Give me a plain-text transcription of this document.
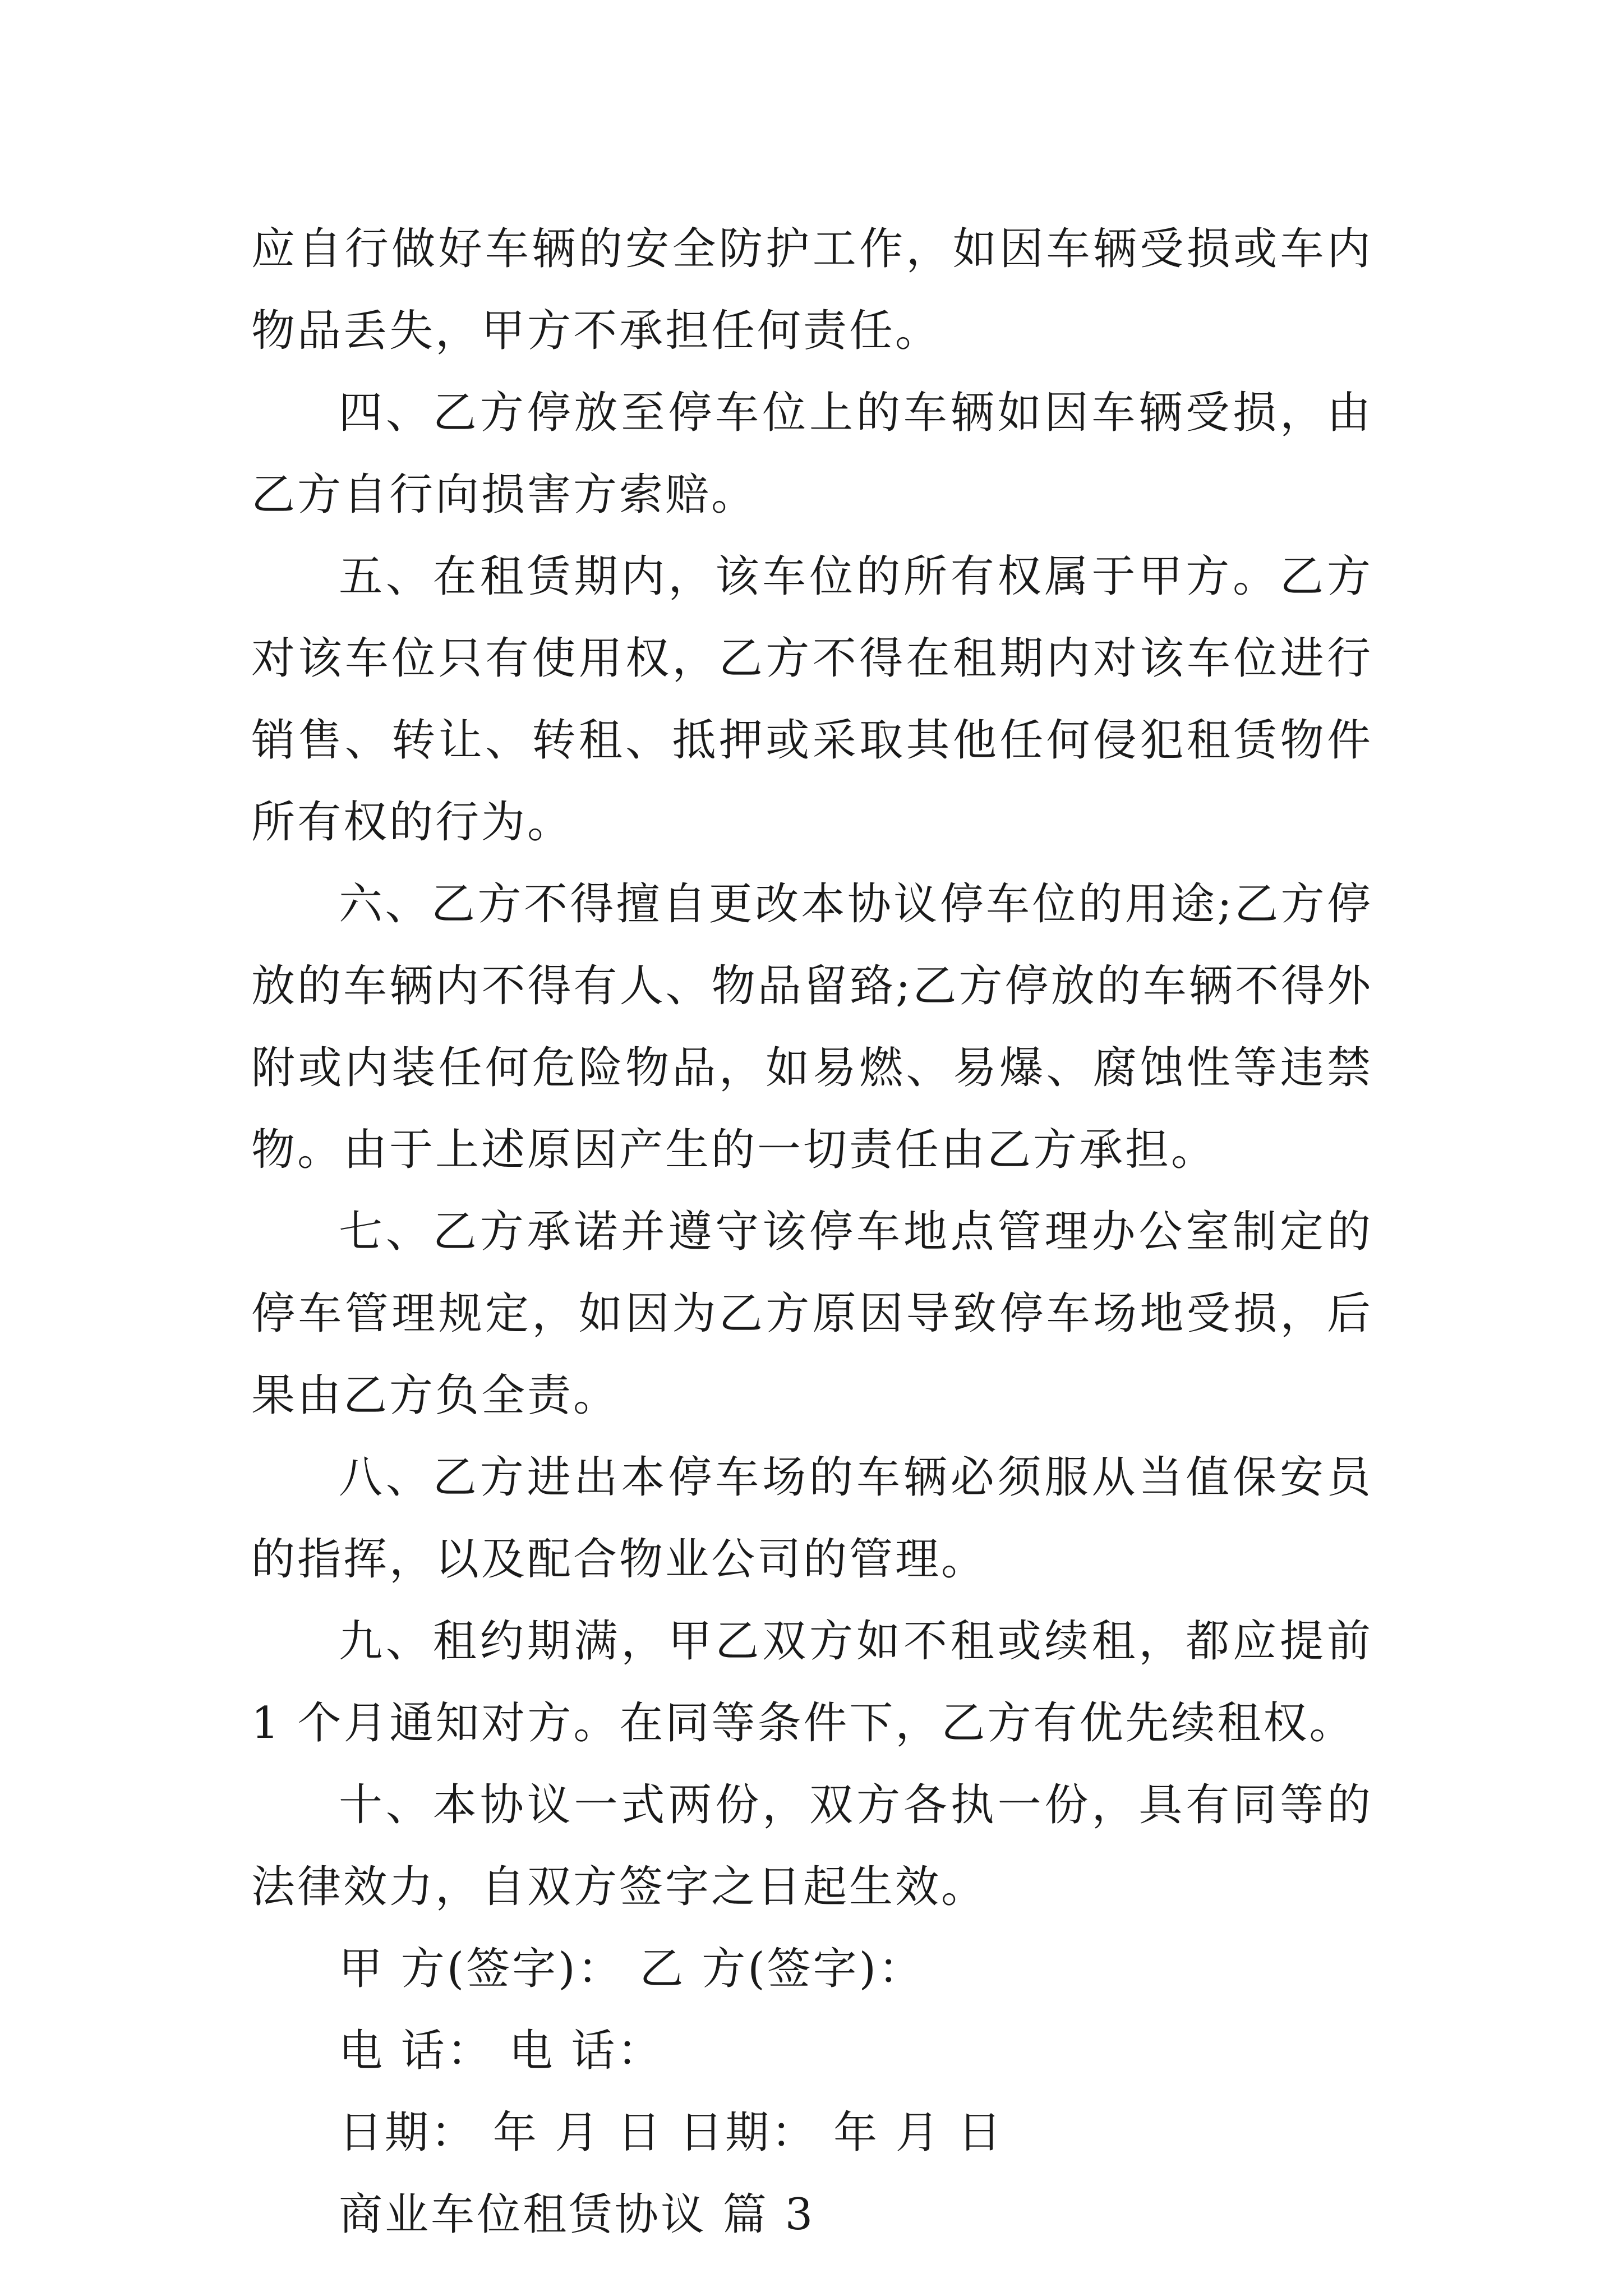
应自行做好车辆的安全防护工作，如因车辆受损或车内物品丢失，甲方不承担任何责任。

四、乙方停放至停车位上的车辆如因车辆受损，由乙方自行向损害方索赔。

五、在租赁期内，该车位的所有权属于甲方。乙方对该车位只有使用权，乙方不得在租期内对该车位进行销售、转让、转租、抵押或采取其他任何侵犯租赁物件所有权的行为。

六、乙方不得擅自更改本协议停车位的用途;乙方停放的车辆内不得有人、物品留臵;乙方停放的车辆不得外附或内装任何危险物品，如易燃、易爆、腐蚀性等违禁物。由于上述原因产生的一切责任由乙方承担。

七、乙方承诺并遵守该停车地点管理办公室制定的停车管理规定，如因为乙方原因导致停车场地受损，后果由乙方负全责。

八、乙方进出本停车场的车辆必须服从当值保安员的指挥，以及配合物业公司的管理。

九、租约期满，甲乙双方如不租或续租，都应提前 1 个月通知对方。在同等条件下，乙方有优先续租权。

十、本协议一式两份，双方各执一份，具有同等的法律效力，自双方签字之日起生效。

甲 方(签字)： 乙 方(签字)：

电 话： 电 话：

日期： 年 月 日 日期： 年 月 日

商业车位租赁协议 篇 3
